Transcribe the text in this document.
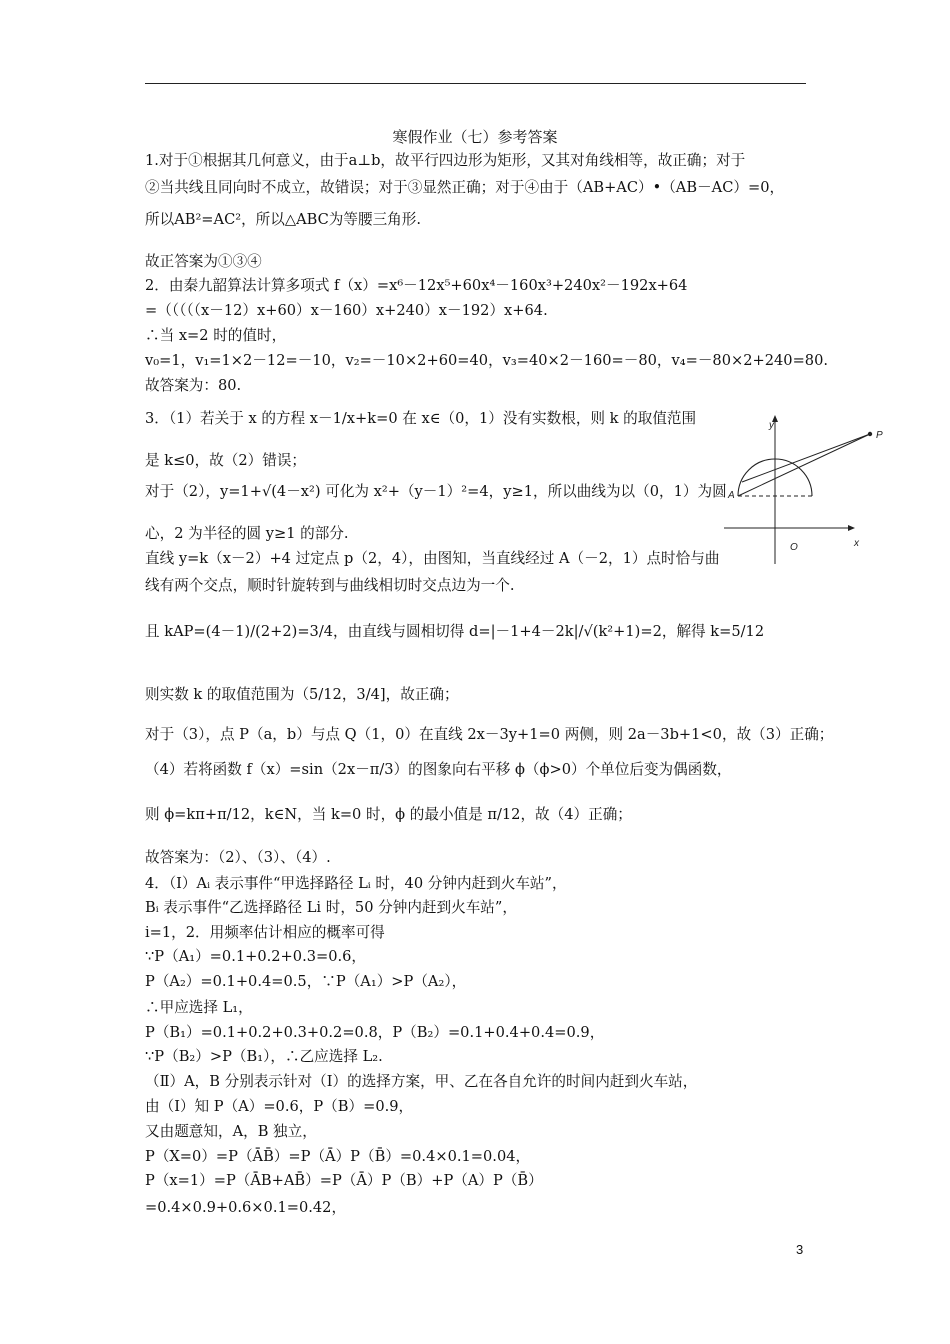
寒假作业（七）参考答案
1.对于①根据其几何意义，由于a⊥b，故平行四边形为矩形，又其对角线相等，故正确；对于
②当共线且同向时不成立，故错误；对于③显然正确；对于④由于（AB+AC）•（AB－AC）=0，
所以AB²=AC²，所以△ABC为等腰三角形.
故正答案为①③④
2．由秦九韶算法计算多项式 f（x）=x⁶－12x⁵+60x⁴－160x³+240x²－192x+64
=（（（（（x－12）x+60）x－160）x+240）x－192）x+64.
∴当 x=2 时的值时，
v₀=1，v₁=1×2－12=－10，v₂=－10×2+60=40，v₃=40×2－160=－80，v₄=－80×2+240=80.
故答案为：80.
3．（1）若关于 x 的方程 x－1/x+k=0 在 x∈（0，1）没有实数根，则 k 的取值范围
是 k≤0，故（2）错误；
对于（2），y=1+√(4－x²) 可化为 x²+（y－1）²=4，y≥1，所以曲线为以（0，1）为圆
心，2 为半径的圆 y≥1 的部分.
直线 y=k（x－2）+4 过定点 p（2，4），由图知，当直线经过 A（－2，1）点时恰与曲
线有两个交点，顺时针旋转到与曲线相切时交点边为一个.
且 kAP=(4－1)/(2+2)=3/4，由直线与圆相切得 d=|－1+4－2k|/√(k²+1)=2，解得 k=5/12
则实数 k 的取值范围为（5/12，3/4]，故正确；
对于（3），点 P（a，b）与点 Q（1，0）在直线 2x－3y+1=0 两侧，则 2a－3b+1<0，故（3）正确；
（4）若将函数 f（x）=sin（2x－π/3）的图象向右平移 ϕ（ϕ>0）个单位后变为偶函数，
则 ϕ=kπ+π/12，k∈N，当 k=0 时，ϕ 的最小值是 π/12，故（4）正确；
故答案为：（2）、（3）、（4）.
4．（Ⅰ）Aᵢ 表示事件“甲选择路径 Lᵢ 时，40 分钟内赶到火车站”，
Bᵢ 表示事件“乙选择路径 Li 时，50 分钟内赶到火车站”，
i=1，2．用频率估计相应的概率可得
∵P（A₁）=0.1+0.2+0.3=0.6，
P（A₂）=0.1+0.4=0.5，∵P（A₁）>P（A₂），
∴甲应选择 L₁，
P（B₁）=0.1+0.2+0.3+0.2=0.8，P（B₂）=0.1+0.4+0.4=0.9，
∵P（B₂）>P（B₁），∴乙应选择 L₂.
（Ⅱ）A，B 分别表示针对（Ⅰ）的选择方案，甲、乙在各自允许的时间内赶到火车站，
由（Ⅰ）知 P（A）=0.6，P（B）=0.9，
又由题意知，A，B 独立，
P（X=0）=P（ĀB̄）=P（Ā）P（B̄）=0.4×0.1=0.04，
P（x=1）=P（ĀB+AB̄）=P（Ā）P（B）+P（A）P（B̄）
=0.4×0.9+0.6×0.1=0.42，
y
x
O
A
P
3
